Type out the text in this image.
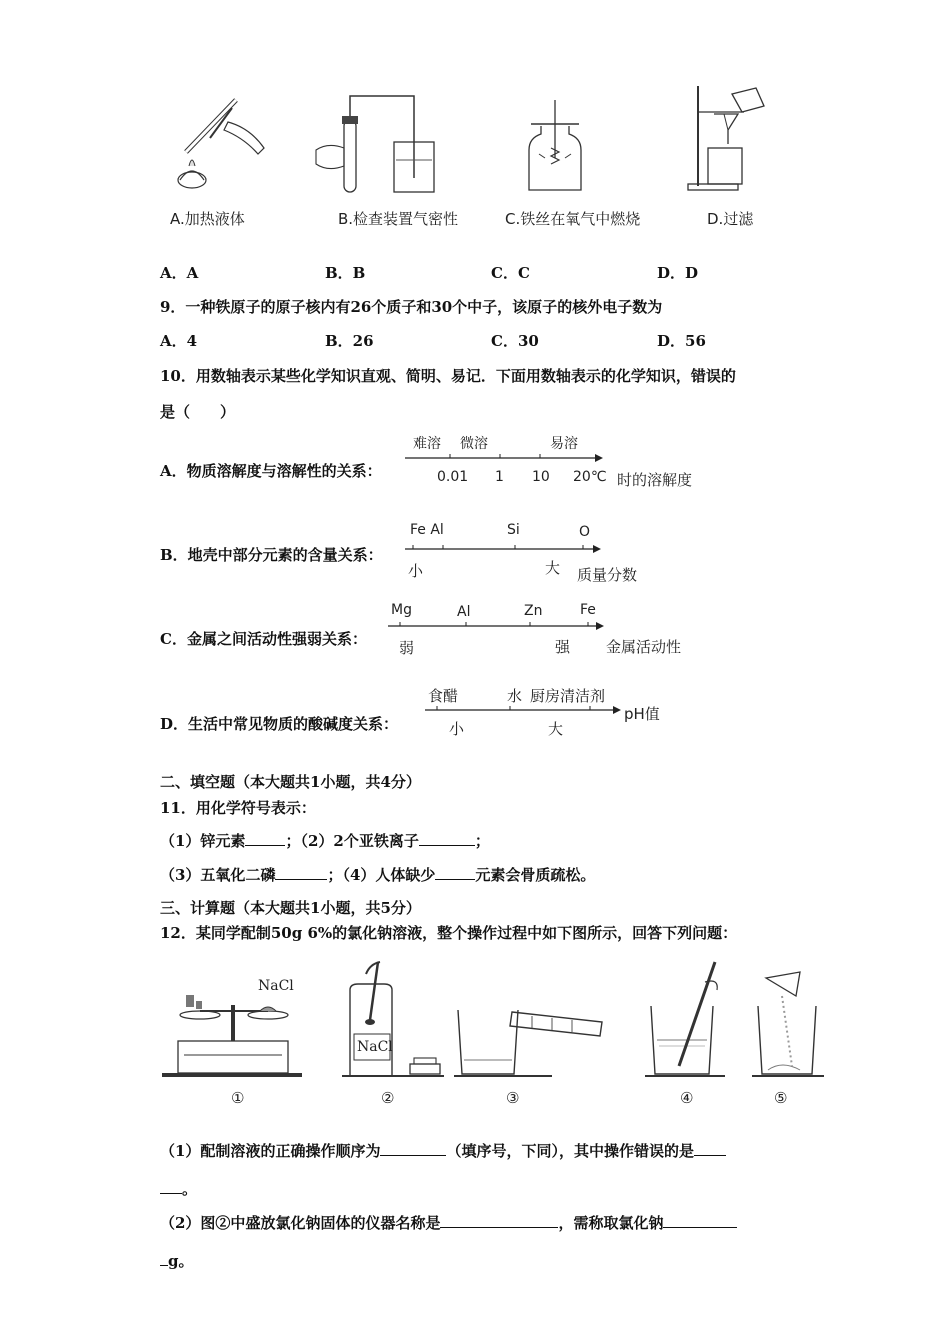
A.加热液体	B.检查装置气密性	C.铁丝在氧气中燃烧	D.过滤
A．A	B．B	C．C	D．D
9．一种铁原子的原子核内有26个质子和30个中子，该原子的核外电子数为
A．4	B．26	C．30	D．56
10．用数轴表示某些化学知识直观、简明、易记．下面用数轴表示的化学知识，错误的
是（　　）
A．物质溶解度与溶解性的关系：
难溶 微溶	易溶
0.01 1 10 20℃ 时的溶解度
B．地壳中部分元素的含量关系：
Fe Al	Si	O
小	大 质量分数
C．金属之间活动性强弱关系：
Mg	Al	Zn	Fe
弱	强 金属活动性
D．生活中常见物质的酸碱度关系：
食醋	水 厨房清洁剂
小	大
pH值
二、填空题（本大题共1小题，共4分）
11．用化学符号表示：
（1）锌元素	；（2）2个亚铁离子	；
（3）五氧化二磷	；（4）人体缺少	元素会骨质疏松。
三、计算题（本大题共1小题，共5分）
12．某同学配制50g 6%的氯化钠溶液，整个操作过程中如下图所示，回答下列问题：
NaCl
NaCl
①	②	③	④	⑤
（1）配制溶液的正确操作顺序为	（填序号，下同），其中操作错误的是
。
（2）图②中盛放氯化钠固体的仪器名称是	，需称取氯化钠
g。
